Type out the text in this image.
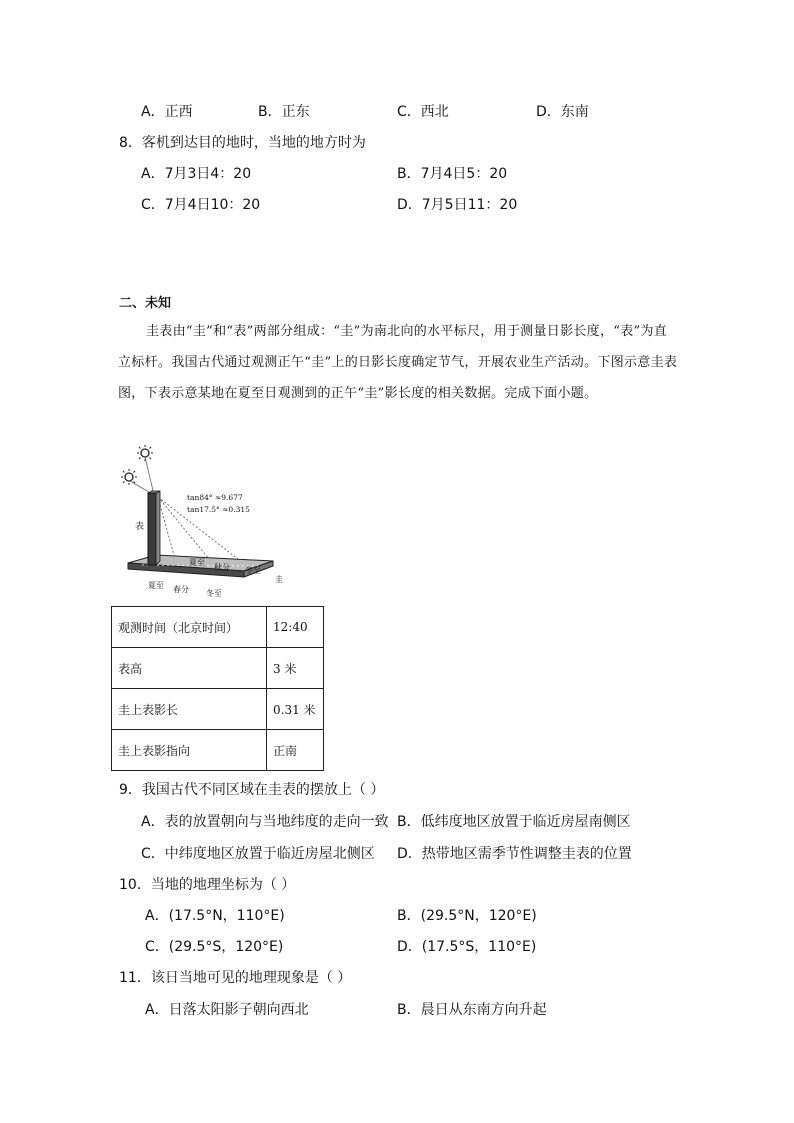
A．正西	B．正东	C．西北	D．东南
8．客机到达目的地时，当地的地方时为
A．7月3日4：20	B．7月4日5：20
C．7月4日10：20	D．7月5日11：20
二、未知
圭表由“圭”和“表”两部分组成：“圭”为南北向的水平标尺，用于测量日影长度，“表”为直立标杆。我国古代通过观测正午“圭”上的日影长度确定节气，开展农业生产活动。下图示意圭表图，下表示意某地在夏至日观测到的正午“圭”影长度的相关数据。完成下面小题。
tan84° ≈9.677
tan17.5° ≈0.315
表
夏至
秋分 冬至
圭
夏至 春分 冬至
观测时间（北京时间）	12:40
表高	3 米
圭上表影长	0.31 米
圭上表影指向	正南
9．我国古代不同区域在圭表的摆放上（ ）
A．表的放置朝向与当地纬度的走向一致 B．低纬度地区放置于临近房屋南侧区
C．中纬度地区放置于临近房屋北侧区 D．热带地区需季节性调整圭表的位置
10．当地的地理坐标为（ ）
A．(17.5°N，110°E)	B．(29.5°N，120°E)
C．(29.5°S，120°E)	D．(17.5°S，110°E)
11．该日当地可见的地理现象是（ ）
A．日落太阳影子朝向西北	B．晨日从东南方向升起
